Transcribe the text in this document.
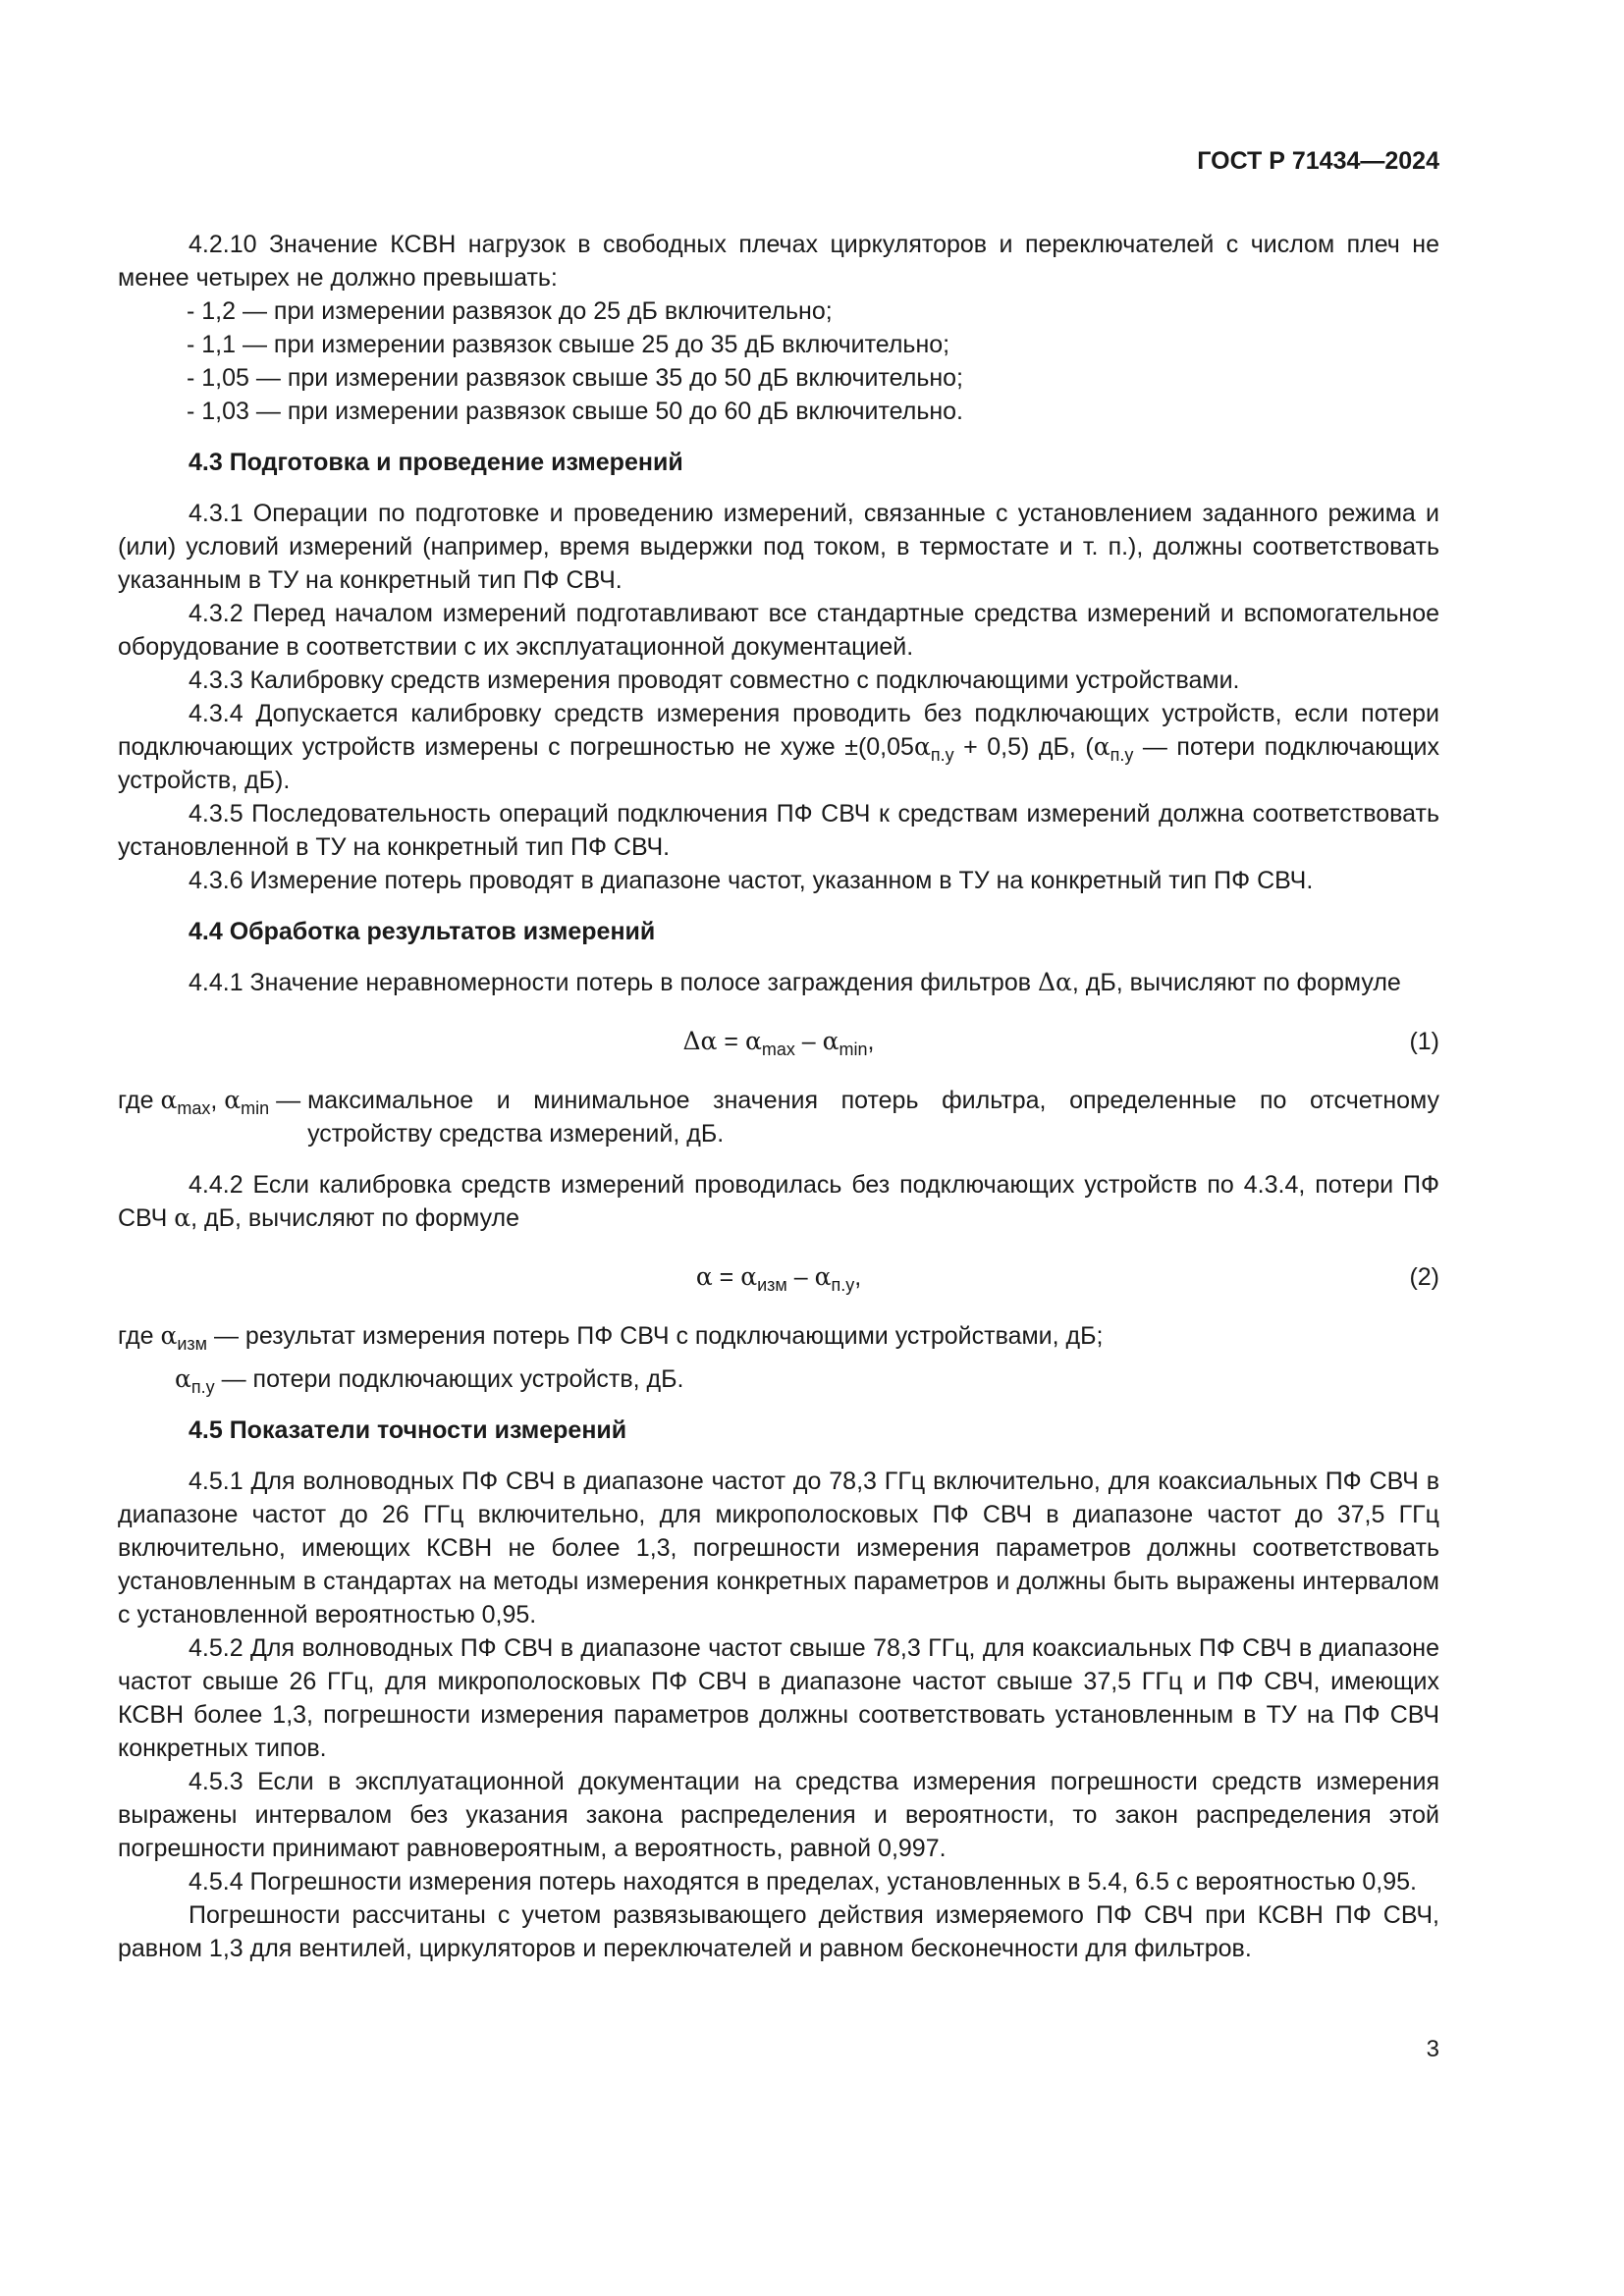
ГОСТ Р 71434—2024

4.2.10 Значение КСВН нагрузок в свободных плечах циркуляторов и переключателей с числом плеч не менее четырех не должно превышать:

- 1,2 — при измерении развязок до 25 дБ включительно;

- 1,1 — при измерении развязок свыше 25 до 35 дБ включительно;

- 1,05 — при измерении развязок свыше 35 до 50 дБ включительно;

- 1,03 — при измерении развязок свыше 50 до 60 дБ включительно.

4.3 Подготовка и проведение измерений

4.3.1 Операции по подготовке и проведению измерений, связанные с установлением заданного режима и (или) условий измерений (например, время выдержки под током, в термостате и т. п.), должны соответствовать указанным в ТУ на конкретный тип ПФ СВЧ.

4.3.2 Перед началом измерений подготавливают все стандартные средства измерений и вспомогательное оборудование в соответствии с их эксплуатационной документацией.

4.3.3 Калибровку средств измерения проводят совместно с подключающими устройствами.

4.3.4 Допускается калибровку средств измерения проводить без подключающих устройств, если потери подключающих устройств измерены с погрешностью не хуже $\pm(0,05\alpha_{п.у} + 0,5)$ дБ, ($\alpha_{п.у}$ — потери подключающих устройств, дБ).

4.3.5 Последовательность операций подключения ПФ СВЧ к средствам измерений должна соответствовать установленной в ТУ на конкретный тип ПФ СВЧ.

4.3.6 Измерение потерь проводят в диапазоне частот, указанном в ТУ на конкретный тип ПФ СВЧ.

4.4 Обработка результатов измерений

4.4.1 Значение неравномерности потерь в полосе заграждения фильтров Δα, дБ, вычисляют по формуле

$\Delta\alpha = \alpha_{max} - \alpha_{min}$,	(1)
где $\alpha_{max}$, $\alpha_{min}$ — максимальное и минимальное значения потерь фильтра, определенные по отсчетному устройству средства измерений, дБ.

4.4.2 Если калибровка средств измерений проводилась без подключающих устройств по 4.3.4, потери ПФ СВЧ α, дБ, вычисляют по формуле

$\alpha = \alpha_{изм} - \alpha_{п.у}$,	(2)
где $\alpha_{изм}$ — результат измерения потерь ПФ СВЧ с подключающими устройствами, дБ;
$\alpha_{п.у}$ — потери подключающих устройств, дБ.
4.5 Показатели точности измерений

4.5.1 Для волноводных ПФ СВЧ в диапазоне частот до 78,3 ГГц включительно, для коаксиальных ПФ СВЧ в диапазоне частот до 26 ГГц включительно, для микрополосковых ПФ СВЧ в диапазоне частот до 37,5 ГГц включительно, имеющих КСВН не более 1,3, погрешности измерения параметров должны соответствовать установленным в стандартах на методы измерения конкретных параметров и должны быть выражены интервалом с установленной вероятностью 0,95.

4.5.2 Для волноводных ПФ СВЧ в диапазоне частот свыше 78,3 ГГц, для коаксиальных ПФ СВЧ в диапазоне частот свыше 26 ГГц, для микрополосковых ПФ СВЧ в диапазоне частот свыше 37,5 ГГц и ПФ СВЧ, имеющих КСВН более 1,3, погрешности измерения параметров должны соответствовать установленным в ТУ на ПФ СВЧ конкретных типов.

4.5.3 Если в эксплуатационной документации на средства измерения погрешности средств измерения выражены интервалом без указания закона распределения и вероятности, то закон распределения этой погрешности принимают равновероятным, а вероятность, равной 0,997.

4.5.4 Погрешности измерения потерь находятся в пределах, установленных в 5.4, 6.5 с вероятностью 0,95.

Погрешности рассчитаны с учетом развязывающего действия измеряемого ПФ СВЧ при КСВН ПФ СВЧ, равном 1,3 для вентилей, циркуляторов и переключателей и равном бесконечности для фильтров.

3
